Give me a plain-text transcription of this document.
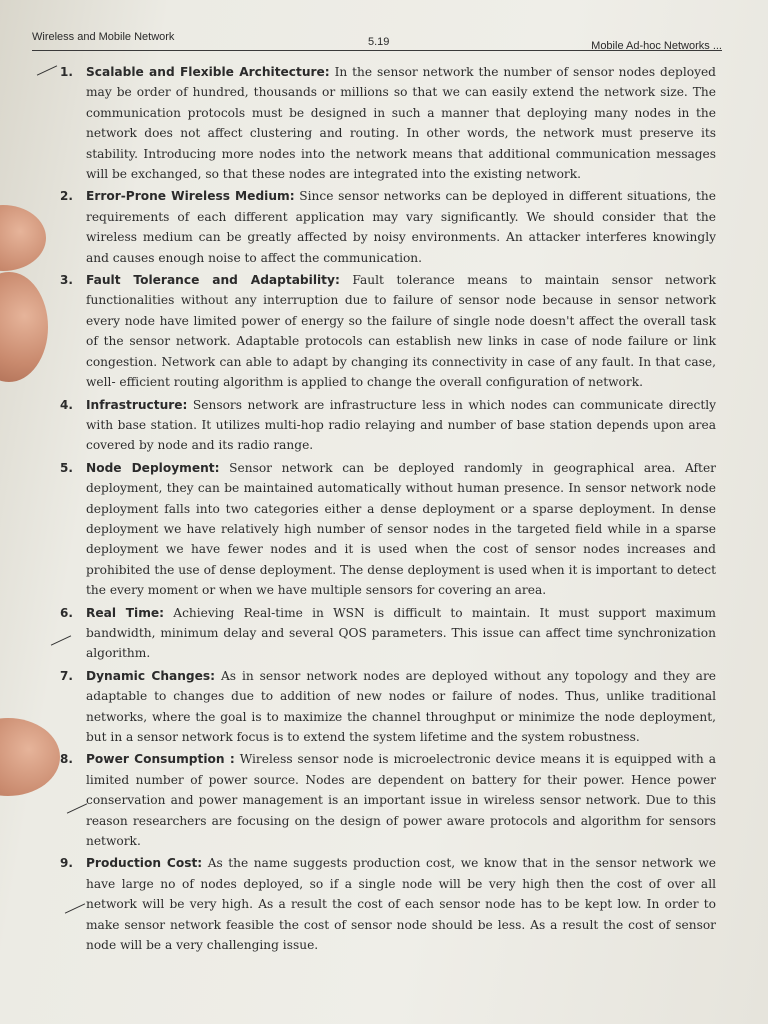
Wireless and Mobile Network	5.19	Mobile Ad-hoc Networks ...
1. Scalable and Flexible Architecture: In the sensor network the number of sensor nodes deployed may be order of hundred, thousands or millions so that we can easily extend the network size. The communication protocols must be designed in such a manner that deploying many nodes in the network does not affect clustering and routing. In other words, the network must preserve its stability. Introducing more nodes into the network means that additional communication messages will be exchanged, so that these nodes are integrated into the existing network.
2. Error-Prone Wireless Medium: Since sensor networks can be deployed in different situations, the requirements of each different application may vary significantly. We should consider that the wireless medium can be greatly affected by noisy environments. An attacker interferes knowingly and causes enough noise to affect the communication.
3. Fault Tolerance and Adaptability: Fault tolerance means to maintain sensor network functionalities without any interruption due to failure of sensor node because in sensor network every node have limited power of energy so the failure of single node doesn't affect the overall task of the sensor network. Adaptable protocols can establish new links in case of node failure or link congestion. Network can able to adapt by changing its connectivity in case of any fault. In that case, well- efficient routing algorithm is applied to change the overall configuration of network.
4. Infrastructure: Sensors network are infrastructure less in which nodes can communicate directly with base station. It utilizes multi-hop radio relaying and number of base station depends upon area covered by node and its radio range.
5. Node Deployment: Sensor network can be deployed randomly in geographical area. After deployment, they can be maintained automatically without human presence. In sensor network node deployment falls into two categories either a dense deployment or a sparse deployment. In dense deployment we have relatively high number of sensor nodes in the targeted field while in a sparse deployment we have fewer nodes and it is used when the cost of sensor nodes increases and prohibited the use of dense deployment. The dense deployment is used when it is important to detect the every moment or when we have multiple sensors for covering an area.
6. Real Time: Achieving Real-time in WSN is difficult to maintain. It must support maximum bandwidth, minimum delay and several QOS parameters. This issue can affect time synchronization algorithm.
7. Dynamic Changes: As in sensor network nodes are deployed without any topology and they are adaptable to changes due to addition of new nodes or failure of nodes. Thus, unlike traditional networks, where the goal is to maximize the channel throughput or minimize the node deployment, but in a sensor network focus is to extend the system lifetime and the system robustness.
8. Power Consumption : Wireless sensor node is microelectronic device means it is equipped with a limited number of power source. Nodes are dependent on battery for their power. Hence power conservation and power management is an important issue in wireless sensor network. Due to this reason researchers are focusing on the design of power aware protocols and algorithm for sensors network.
9. Production Cost: As the name suggests production cost, we know that in the sensor network we have large no of nodes deployed, so if a single node will be very high then the cost of over all network will be very high. As a result the cost of each sensor node has to be kept low. In order to make sensor network feasible the cost of sensor node should be less. As a result the cost of sensor node will be a very challenging issue.
